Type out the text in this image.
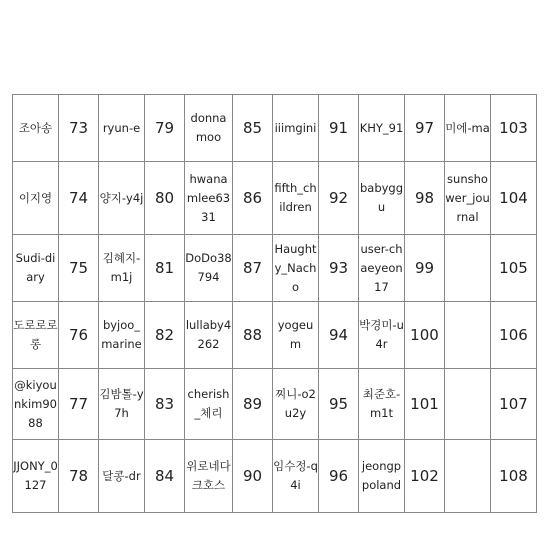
조아송	73	ryun-e	79	donnamoo	85	iiimgini	91	KHY_91	97	미에-ma	103
이지영	74	양지-y4j	80	hwanamlee6331	86	fifth_children	92	babyggu	98	sunshower_journal	104
Sudi-diary	75	김혜지-m1j	81	DoDo38794	87	Haughty_Nacho	93	user-chaeyeon17	99		105
도로로로롱	76	byjoo_marine	82	lullaby4262	88	yogeum	94	박경미-u4r	100		106
@kiyounkim9088	77	김밤톨-y7h	83	cherish_체리	89	찌니-o2u2y	95	최준호-m1t	101		107
JJONY_0127	78	달콩-dr	84	위로네다크호스	90	임수정-q4i	96	jeongppoland	102		108
